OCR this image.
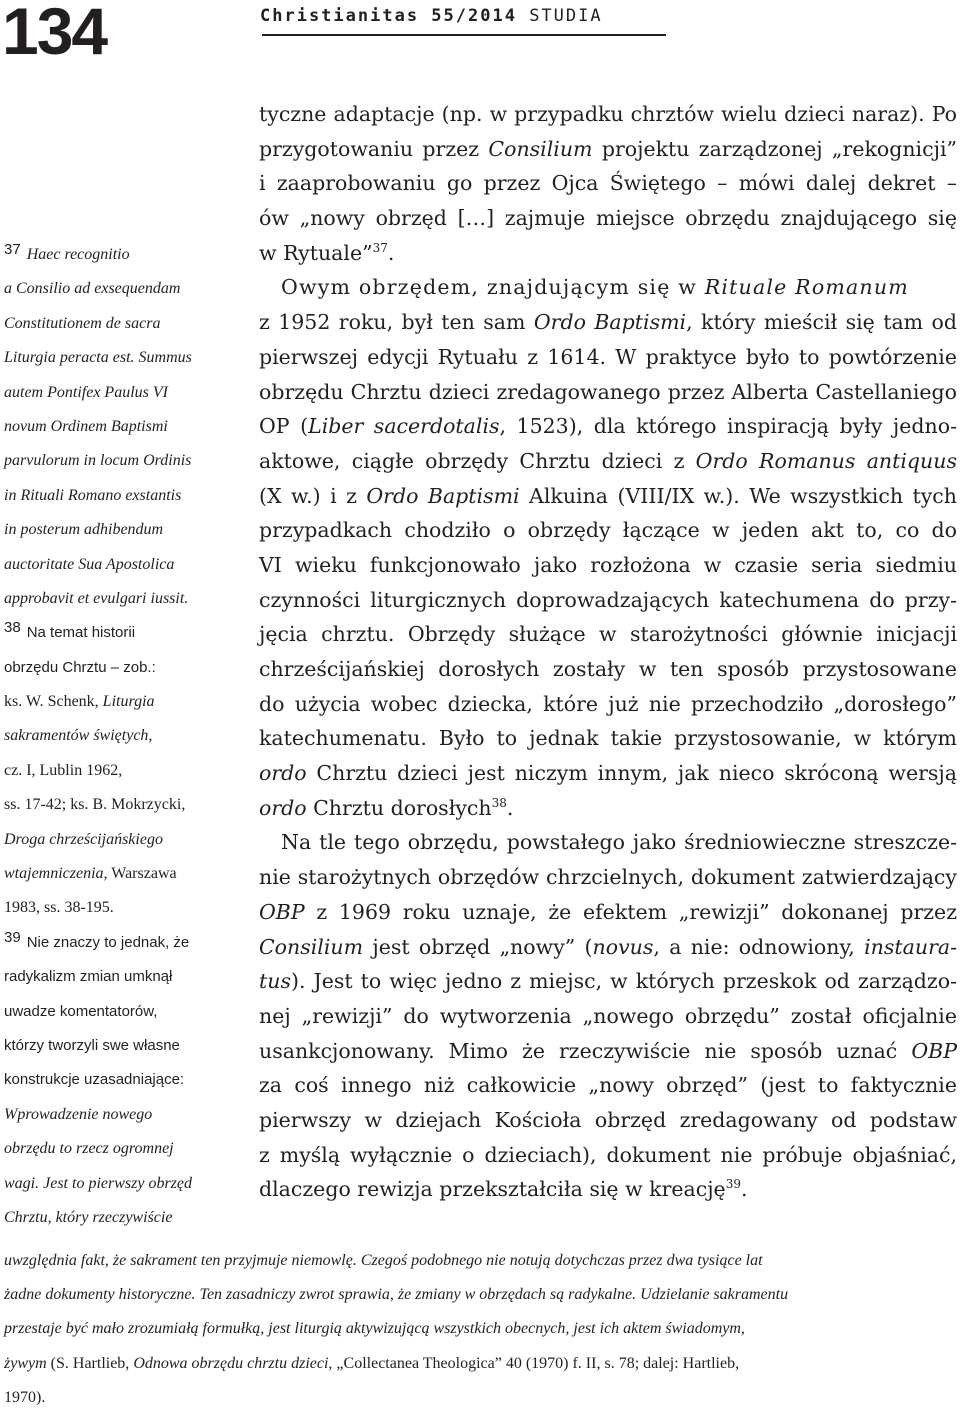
134	Christianitas 55/2014 STUDIA
tyczne adaptacje (np. w przypadku chrztów wielu dzieci naraz). Po
przygotowaniu przez Consilium projektu zarządzonej „rekognicji”
i zaaprobowaniu go przez Ojca Świętego – mówi dalej dekret –
ów „nowy obrzęd […] zajmuje miejsce obrzędu znajdującego się
w Rytuale”$^{37}$.
Owym obrzędem, znajdującym się w Rituale Romanum
z 1952 roku, był ten sam Ordo Baptismi, który mieścił się tam od
pierwszej edycji Rytuału z 1614. W praktyce było to powtórzenie
obrzędu Chrztu dzieci zredagowanego przez Alberta Castellaniego
OP (Liber sacerdotalis, 1523), dla którego inspiracją były jedno-
aktowe, ciągłe obrzędy Chrztu dzieci z Ordo Romanus antiquus
(X w.) i z Ordo Baptismi Alkuina (VIII/IX w.). We wszystkich tych
przypadkach chodziło o obrzędy łączące w jeden akt to, co do
VI wieku funkcjonowało jako rozłożona w czasie seria siedmiu
czynności liturgicznych doprowadzających katechumena do przy-
jęcia chrztu. Obrzędy służące w starożytności głównie inicjacji
chrześcijańskiej dorosłych zostały w ten sposób przystosowane
do użycia wobec dziecka, które już nie przechodziło „dorosłego”
katechumenatu. Było to jednak takie przystosowanie, w którym
ordo Chrztu dzieci jest niczym innym, jak nieco skróconą wersją
ordo Chrztu dorosłych$^{38}$.
Na tle tego obrzędu, powstałego jako średniowieczne streszcze-
nie starożytnych obrzędów chrzcielnych, dokument zatwierdzający
OBP z 1969 roku uznaje, że efektem „rewizji” dokonanej przez
Consilium jest obrzęd „nowy” (novus, a nie: odnowiony, instaura-
tus). Jest to więc jedno z miejsc, w których przeskok od zarządzo-
nej „rewizji” do wytworzenia „nowego obrzędu” został oficjalnie
usankcjonowany. Mimo że rzeczywiście nie sposób uznać OBP
za coś innego niż całkowicie „nowy obrzęd” (jest to faktycznie
pierwszy w dziejach Kościoła obrzęd zredagowany od podstaw
z myślą wyłącznie o dzieciach), dokument nie próbuje objaśniać,
dlaczego rewizja przekształciła się w kreację$^{39}$.
37 Haec recognitio
a Consilio ad exsequendam
Constitutionem de sacra
Liturgia peracta est. Summus
autem Pontifex Paulus VI
novum Ordinem Baptismi
parvulorum in locum Ordinis
in Rituali Romano exstantis
in posterum adhibendum
auctoritate Sua Apostolica
approbavit et evulgari iussit.
38 Na temat historii
obrzędu Chrztu – zob.:
ks. W. Schenk, Liturgia
sakramentów świętych,
cz. I, Lublin 1962,
ss. 17-42; ks. B. Mokrzycki,
Droga chrześcijańskiego
wtajemniczenia, Warszawa
1983, ss. 38-195.
39 Nie znaczy to jednak, że
radykalizm zmian umknął
uwadze komentatorów,
którzy tworzyli swe własne
konstrukcje uzasadniające:
Wprowadzenie nowego
obrzędu to rzecz ogromnej
wagi. Jest to pierwszy obrzęd
Chrztu, który rzeczywiście
uwzględnia fakt, że sakrament ten przyjmuje niemowlę. Czegoś podobnego nie notują dotychczas przez dwa tysiące lat
żadne dokumenty historyczne. Ten zasadniczy zwrot sprawia, że zmiany w obrzędach są radykalne. Udzielanie sakramentu
przestaje być mało zrozumiałą formułką, jest liturgią aktywizującą wszystkich obecnych, jest ich aktem świadomym,
żywym (S. Hartlieb, Odnowa obrzędu chrztu dzieci, „Collectanea Theologica” 40 (1970) f. II, s. 78; dalej: Hartlieb,
1970).
